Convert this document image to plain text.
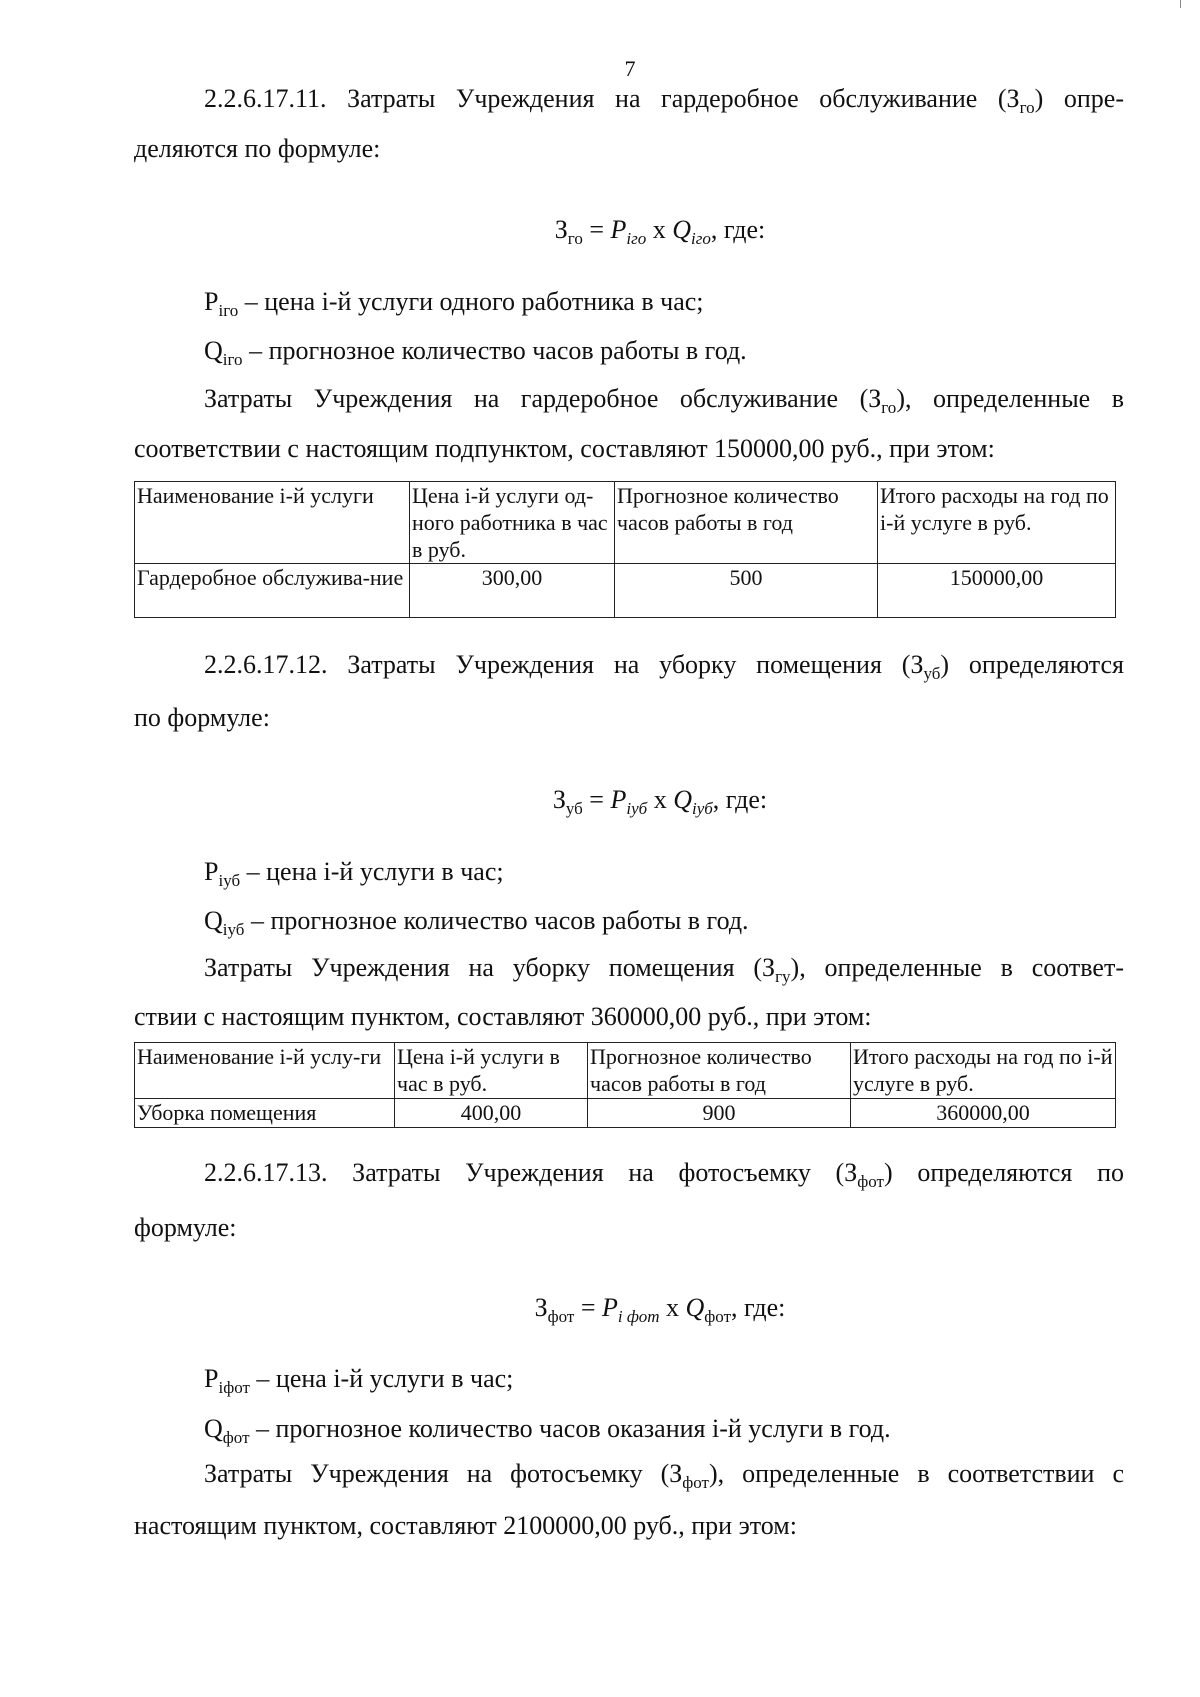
7
2.2.6.17.11. Затраты Учреждения на гардеробное обслуживание $(З_{го})$ опре-
деляются по формуле:
$З_{го} = P_{iго}$ х $Q_{iго}$, где:
$P_{iго}$ – цена i-й услуги одного работника в час;
$Q_{iго}$ – прогнозное количество часов работы в год.
Затраты Учреждения на гардеробное обслуживание $(З_{го})$, определенные в
соответствии с настоящим подпунктом, составляют 150000,00 руб., при этом:
Наименование i-й услуги	Цена i-й услуги од-ного работника в час в руб.	Прогнозное количество часов работы в год	Итого расходы на год по i-й услуге в руб.
Гардеробное обслужива-ние	300,00	500	150000,00
2.2.6.17.12. Затраты Учреждения на уборку помещения $(З_{уб})$ определяются
по формуле:
$З_{уб} = P_{iуб}$ х $Q_{iуб}$, где:
$P_{iуб}$ – цена i-й услуги в час;
$Q_{iуб}$ – прогнозное количество часов работы в год.
Затраты Учреждения на уборку помещения $(З_{гу})$, определенные в соответ-
ствии с настоящим пунктом, составляют 360000,00 руб., при этом:
Наименование i-й услу-ги	Цена i-й услуги в час в руб.	Прогнозное количество часов работы в год	Итого расходы на год по i-й услуге в руб.
Уборка помещения	400,00	900	360000,00
2.2.6.17.13. Затраты Учреждения на фотосъемку $(З_{фот})$ определяются по
формуле:
$З_{фот} = P_{i фот}$ х $Q_{фот}$, где:
$P_{iфот}$ – цена i-й услуги в час;
$Q_{фот}$ – прогнозное количество часов оказания i-й услуги в год.
Затраты Учреждения на фотосъемку $(З_{фот})$, определенные в соответствии с
настоящим пунктом, составляют 2100000,00 руб., при этом:
